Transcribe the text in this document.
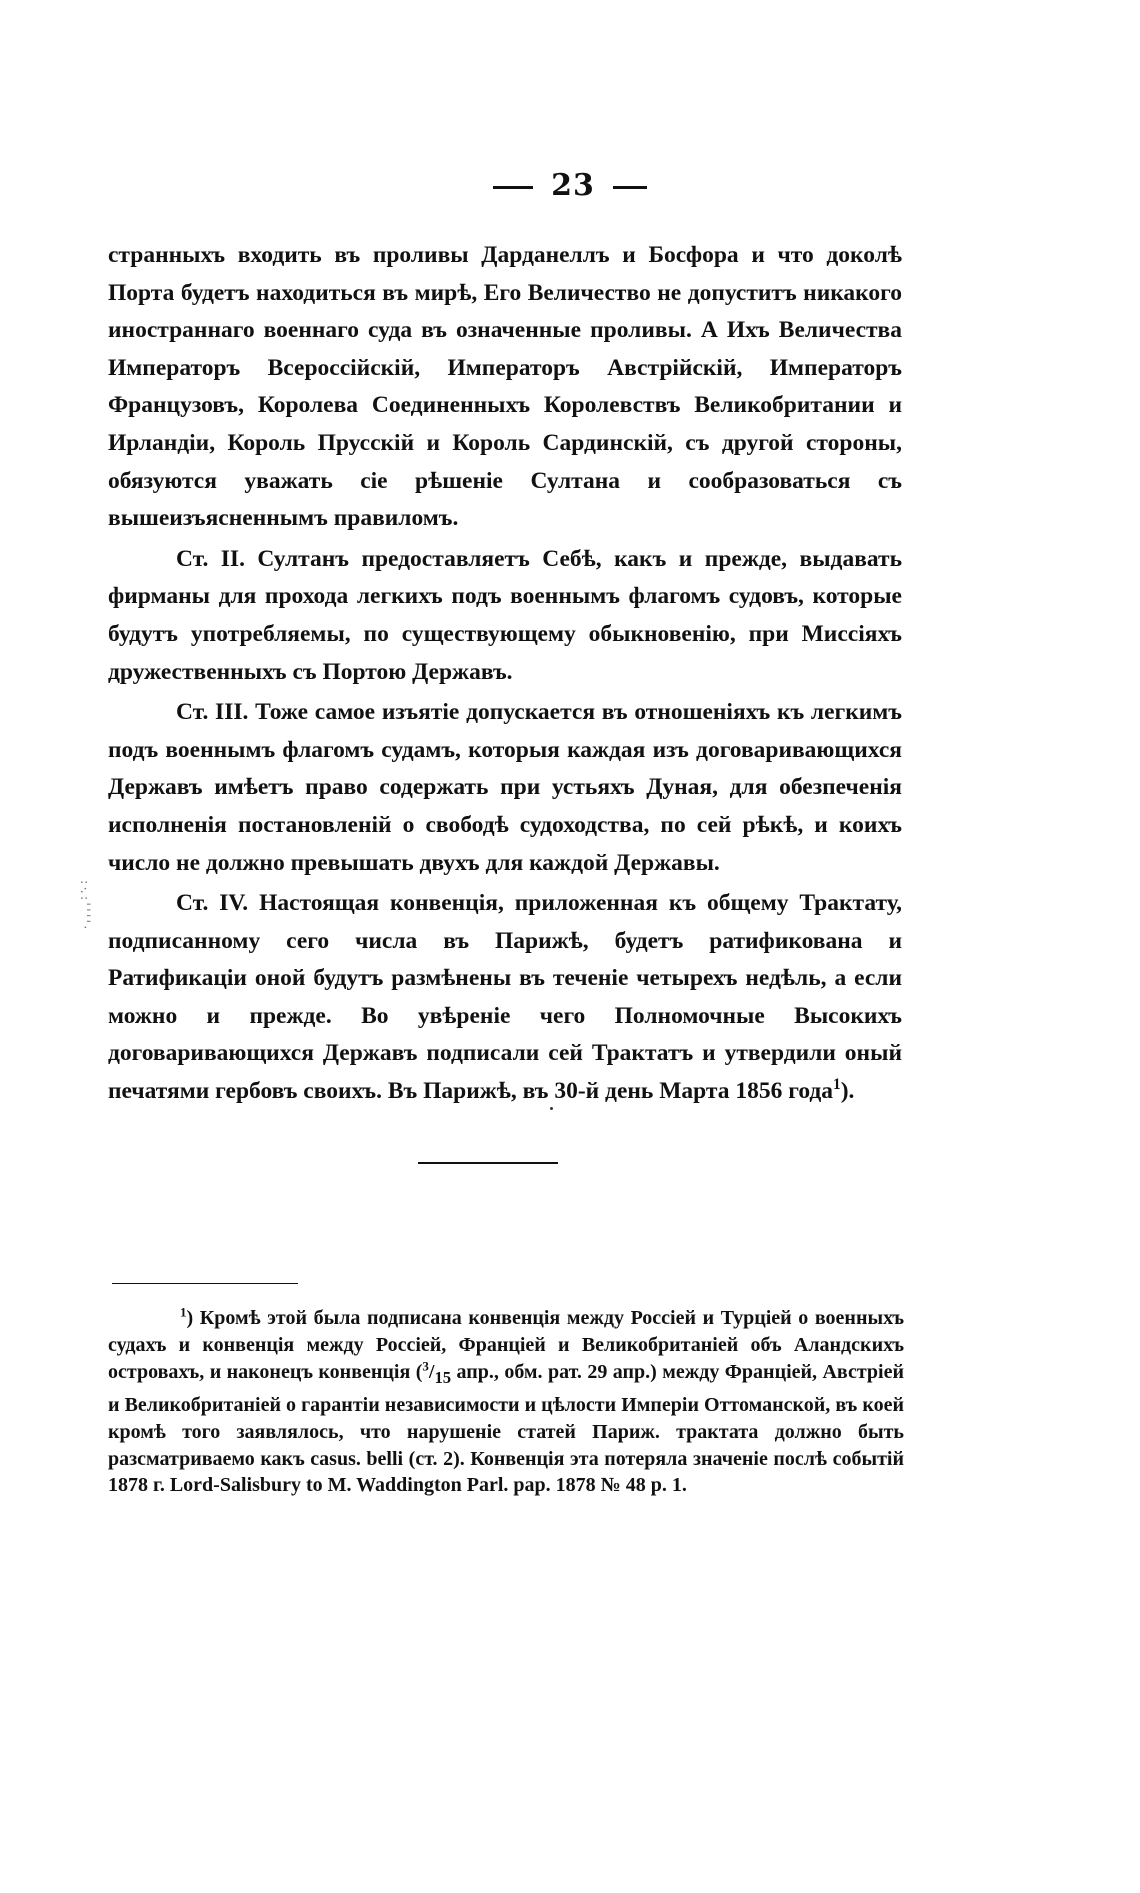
23

странныхъ входить въ проливы Дарданеллъ и Босфора и что доколѣ Порта будетъ находиться въ мирѣ, Его Величество не допуститъ никакого иностраннаго военнаго суда въ означенные проливы. А Ихъ Величества Императоръ Всероссійскій, Императоръ Австрійскій, Императоръ Французовъ, Королева Соединенныхъ Королевствъ Великобритании и Ирландіи, Король Прусскій и Король Сардинскій, съ другой стороны, обязуются уважать сіе рѣшеніе Султана и сообразоваться съ вышеизъясненнымъ правиломъ.

Ст. II. Султанъ предоставляетъ Себѣ, какъ и прежде, выдавать фирманы для прохода легкихъ подъ военнымъ флагомъ судовъ, которые будутъ употребляемы, по существующему обыкновенію, при Миссіяхъ дружественныхъ съ Портою Державъ.

Ст. III. Тоже самое изъятіе допускается въ отношеніяхъ къ легкимъ подъ военнымъ флагомъ судамъ, которыя каждая изъ договаривающихся Державъ имѣетъ право содержать при устьяхъ Дуная, для обезпеченія исполненія постановленій о свободѣ судоходства, по сей рѣкѣ, и коихъ число не должно превышать двухъ для каждой Державы.

Ст. IV. Настоящая конвенція, приложенная къ общему Трактату, подписанному сего числа въ Парижѣ, будетъ ратификована и Ратификаціи оной будутъ размѣнены въ теченіе четырехъ недѣль, а если можно и прежде. Во увѣреніе чего Полномочные Высокихъ договаривающихся Державъ подписали сей Трактатъ и утвердили оный печатями гербовъ своихъ. Въ Парижѣ, въ 30-й день Марта 1856 года$^1$).

: ·. : ' ' ' ' ·

$^1$) Кромѣ этой была подписана конвенція между Россіей и Турціей о военныхъ судахъ и конвенція между Россіей, Франціей и Великобританіей объ Аландскихъ островахъ, и наконецъ конвенція ($^3/_{15}$ апр., обм. рат. 29 апр.) между Франціей, Австріей и Великобританіей о гарантіи независимости и цѣлости Имперіи Оттоманской, въ коей кромѣ того заявлялось, что нарушеніе статей Париж. трактата должно быть разсматриваемо какъ casus. belli (ст. 2). Конвенція эта потеряла значеніе послѣ событій 1878 г. Lord-Salisbury to M. Waddington Parl. pap. 1878 № 48 p. 1.
